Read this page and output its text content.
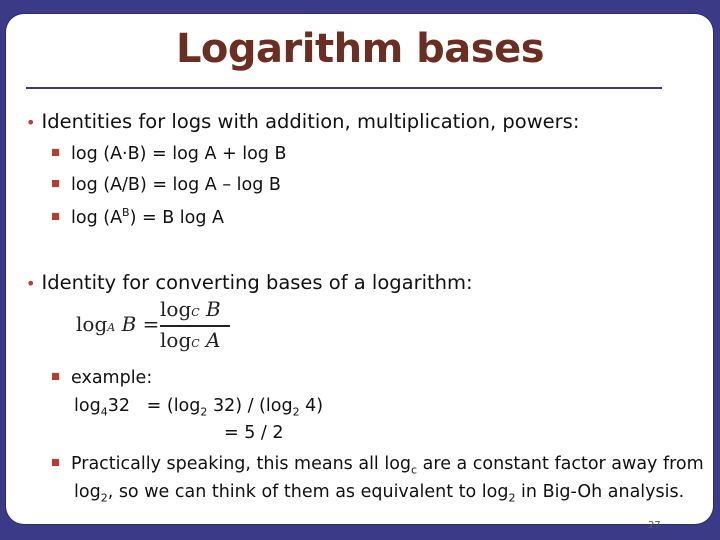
Logarithm bases
• Identities for logs with addition, multiplication, powers:
log (A·B) = log A + log B
log (A/B) = log A – log B
$\log (A^B) = B$ log A
• Identity for converting bases of a logarithm:
logA B =
logC B
logC A
example:
$\log_432 = (\log_2$ $32) / (\log_2$ 4)
= 5 / 2
Practically speaking, this means all $\log_c$ are a constant factor away from
$\log_2$, so we can think of them as equivalent to $\log_2$ in Big-Oh analysis.
27
